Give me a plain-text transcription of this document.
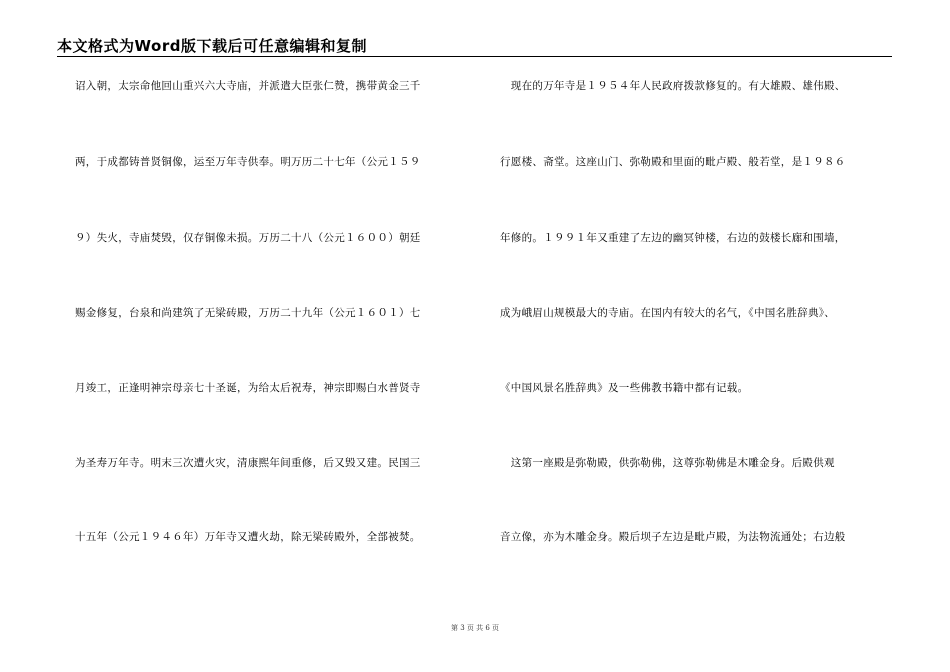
本文格式为Word版下载后可任意编辑和复制
诏入朝，太宗命他回山重兴六大寺庙，并派遣大臣张仁赞，携带黄金三千
两，于成都铸普贤铜像，运至万年寺供奉。明万历二十七年（公元１５９
９）失火，寺庙焚毁，仅存铜像未损。万历二十八（公元１６００）朝廷
赐金修复，台泉和尚建筑了无梁砖殿，万历二十九年（公元１６０１）七
月竣工，正逢明神宗母亲七十圣诞，为给太后祝寿，神宗即赐白水普贤寺
为圣寿万年寺。明末三次遭火灾，清康熙年间重修，后又毁又建。民国三
十五年（公元１９４６年）万年寺又遭火劫，除无梁砖殿外，全部被焚。
　现在的万年寺是１９５４年人民政府拨款修复的。有大雄殿、雄伟殿、
行愿楼、斋堂。这座山门、弥勒殿和里面的毗卢殿、般若堂，是１９８６
年修的。１９９１年又重建了左边的幽冥钟楼，右边的鼓楼长廊和围墙，
成为峨眉山规模最大的寺庙。在国内有较大的名气，《中国名胜辞典》、
《中国风景名胜辞典》及一些佛教书籍中都有记载。
　这第一座殿是弥勒殿，供弥勒佛，这尊弥勒佛是木雕金身。后殿供观
音立像，亦为木雕金身。殿后坝子左边是毗卢殿，为法物流通处；右边般
第 3 页 共 6 页
